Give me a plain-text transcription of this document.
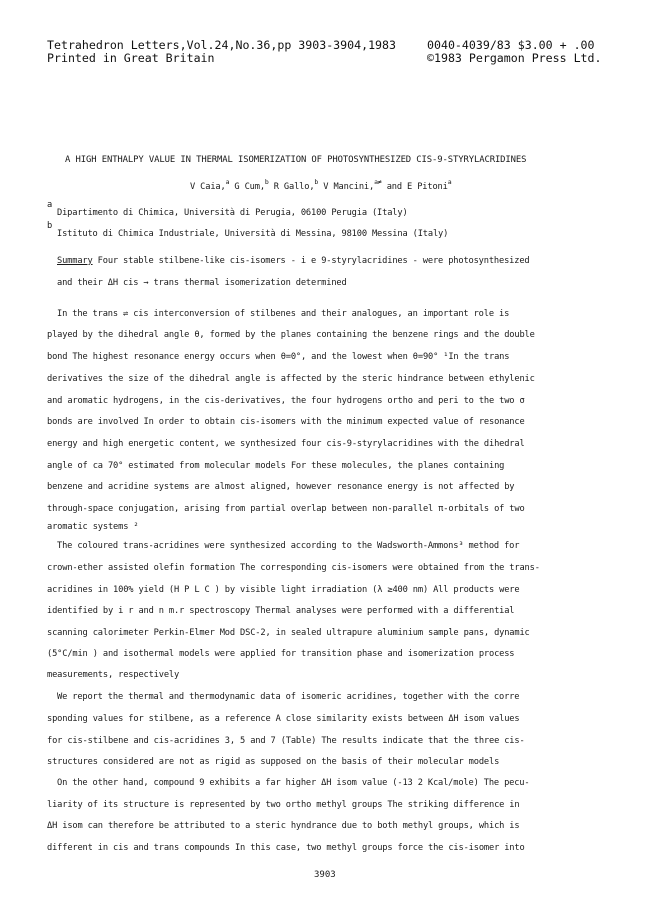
Tetrahedron Letters,Vol.24,No.36,pp 3903-3904,1983
Printed in Great Britain
0040-4039/83 $3.00 + .00
©1983 Pergamon Press Ltd.
A HIGH ENTHALPY VALUE IN THERMAL ISOMERIZATION OF PHOTOSYNTHESIZED CIS-9-STYRYLACRIDINES
V Caia,$^a$ G Cum,$^b$ R Gallo,$^b$ V Mancini,$^{a\ne}$ and E Pitoni$^a$
a
Dipartimento di Chimica, Università di Perugia, 06100 Perugia (Italy)
b
Istituto di Chimica Industriale, Università di Messina, 98100 Messina (Italy)
Summary Four stable stilbene-like cis-isomers - i e 9-styrylacridines - were photosynthesized
and their ΔH cis → trans thermal isomerization determined
In the trans ⇌ cis interconversion of stilbenes and their analogues, an important role is
played by the dihedral angle θ, formed by the planes containing the benzene rings and the double
bond The highest resonance energy occurs when θ=0°, and the lowest when θ=90° ¹In the trans
derivatives the size of the dihedral angle is affected by the steric hindrance between ethylenic
and aromatic hydrogens, in the cis-derivatives, the four hydrogens ortho and peri to the two σ
bonds are involved In order to obtain cis-isomers with the minimum expected value of resonance
energy and high energetic content, we synthesized four cis-9-styrylacridines with the dihedral
angle of ca 70° estimated from molecular models For these molecules, the planes containing
benzene and acridine systems are almost aligned, however resonance energy is not affected by
through-space conjugation, arising from partial overlap between non-parallel π-orbitals of two
aromatic systems ²
The coloured trans-acridines were synthesized according to the Wadsworth-Ammons³ method for
crown-ether assisted olefin formation The corresponding cis-isomers were obtained from the trans-
acridines in 100% yield (H P L C ) by visible light irradiation (λ ≥400 nm) All products were
identified by i r and n m.r spectroscopy Thermal analyses were performed with a differential
scanning calorimeter Perkin-Elmer Mod DSC-2, in sealed ultrapure aluminium sample pans, dynamic
(5°C/min ) and isothermal models were applied for transition phase and isomerization process
measurements, respectively
We report the thermal and thermodynamic data of isomeric acridines, together with the corre
sponding values for stilbene, as a reference A close similarity exists between ΔH isom values
for cis-stilbene and cis-acridines 3, 5 and 7 (Table) The results indicate that the three cis-
structures considered are not as rigid as supposed on the basis of their molecular models
On the other hand, compound 9 exhibits a far higher ΔH isom value (-13 2 Kcal/mole) The pecu-
liarity of its structure is represented by two ortho methyl groups The striking difference in
ΔH isom can therefore be attributed to a steric hyndrance due to both methyl groups, which is
different in cis and trans compounds In this case, two methyl groups force the cis-isomer into
3903
